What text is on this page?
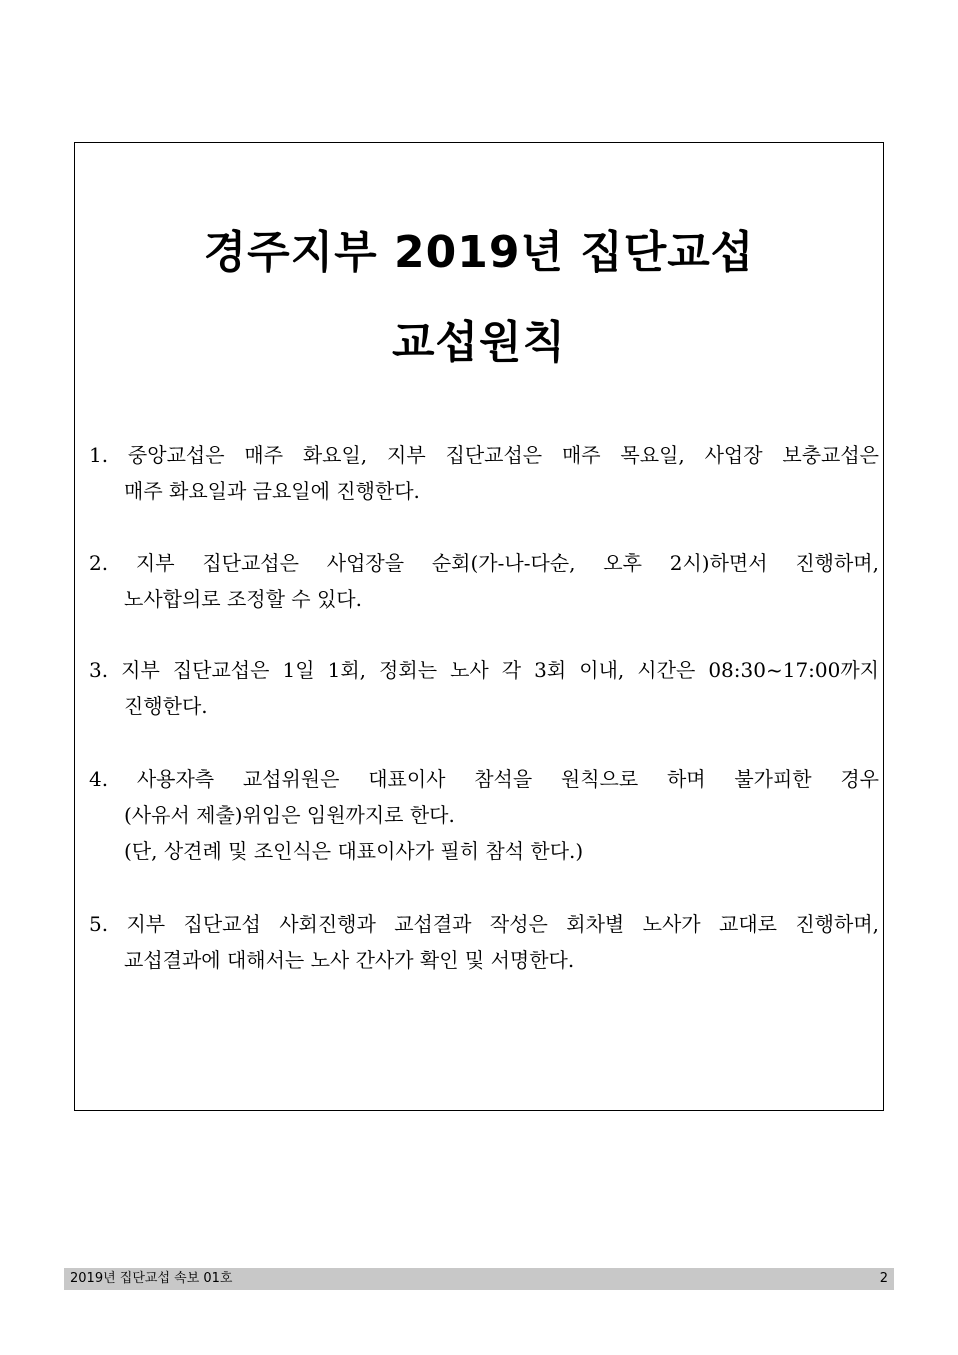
경주지부 2019년 집단교섭
교섭원칙
1. 중앙교섭은 매주 화요일, 지부 집단교섭은 매주 목요일, 사업장 보충교섭은
매주 화요일과 금요일에 진행한다.
2. 지부 집단교섭은 사업장을 순회(가-나-다순, 오후 2시)하면서 진행하며,
노사합의로 조정할 수 있다.
3. 지부 집단교섭은 1일 1회, 정회는 노사 각 3회 이내, 시간은 08:30~17:00까지
진행한다.
4. 사용자측 교섭위원은 대표이사 참석을 원칙으로 하며 불가피한 경우
(사유서 제출)위임은 임원까지로 한다.
(단, 상견례 및 조인식은 대표이사가 필히 참석 한다.)
5. 지부 집단교섭 사회진행과 교섭결과 작성은 회차별 노사가 교대로 진행하며,
교섭결과에 대해서는 노사 간사가 확인 및 서명한다.
2019년 집단교섭 속보 01호	2
